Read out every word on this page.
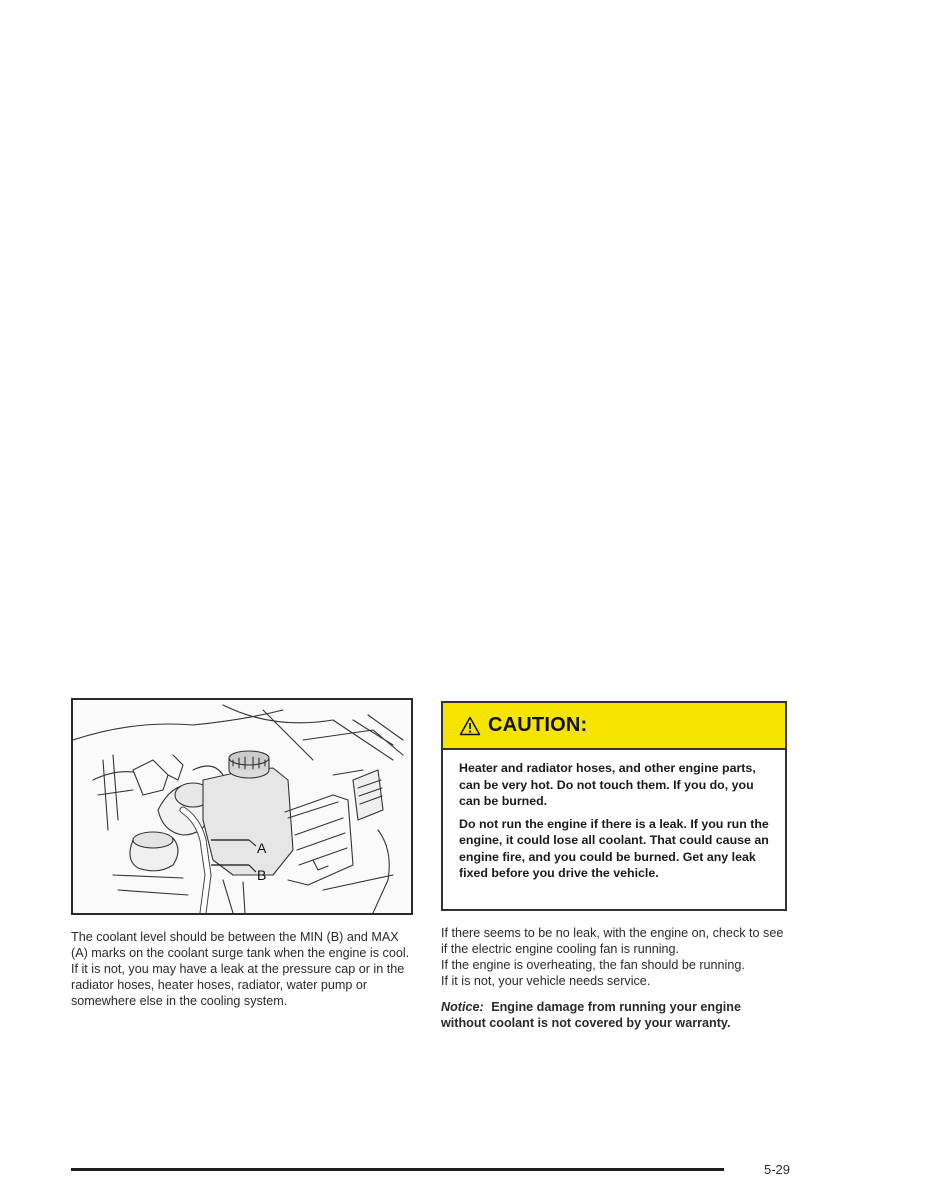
A
B

The coolant level should be between the MIN (B) and MAX (A) marks on the coolant surge tank when the engine is cool. If it is not, you may have a leak at the pressure cap or in the radiator hoses, heater hoses, radiator, water pump or somewhere else in the cooling system.

CAUTION:

Heater and radiator hoses, and other engine parts, can be very hot. Do not touch them. If you do, you can be burned.

Do not run the engine if there is a leak. If you run the engine, it could lose all coolant. That could cause an engine fire, and you could be burned. Get any leak fixed before you drive the vehicle.

If there seems to be no leak, with the engine on, check to see if the electric engine cooling fan is running.

If the engine is overheating, the fan should be running.

If it is not, your vehicle needs service.

Notice: Engine damage from running your engine without coolant is not covered by your warranty.

5-29
